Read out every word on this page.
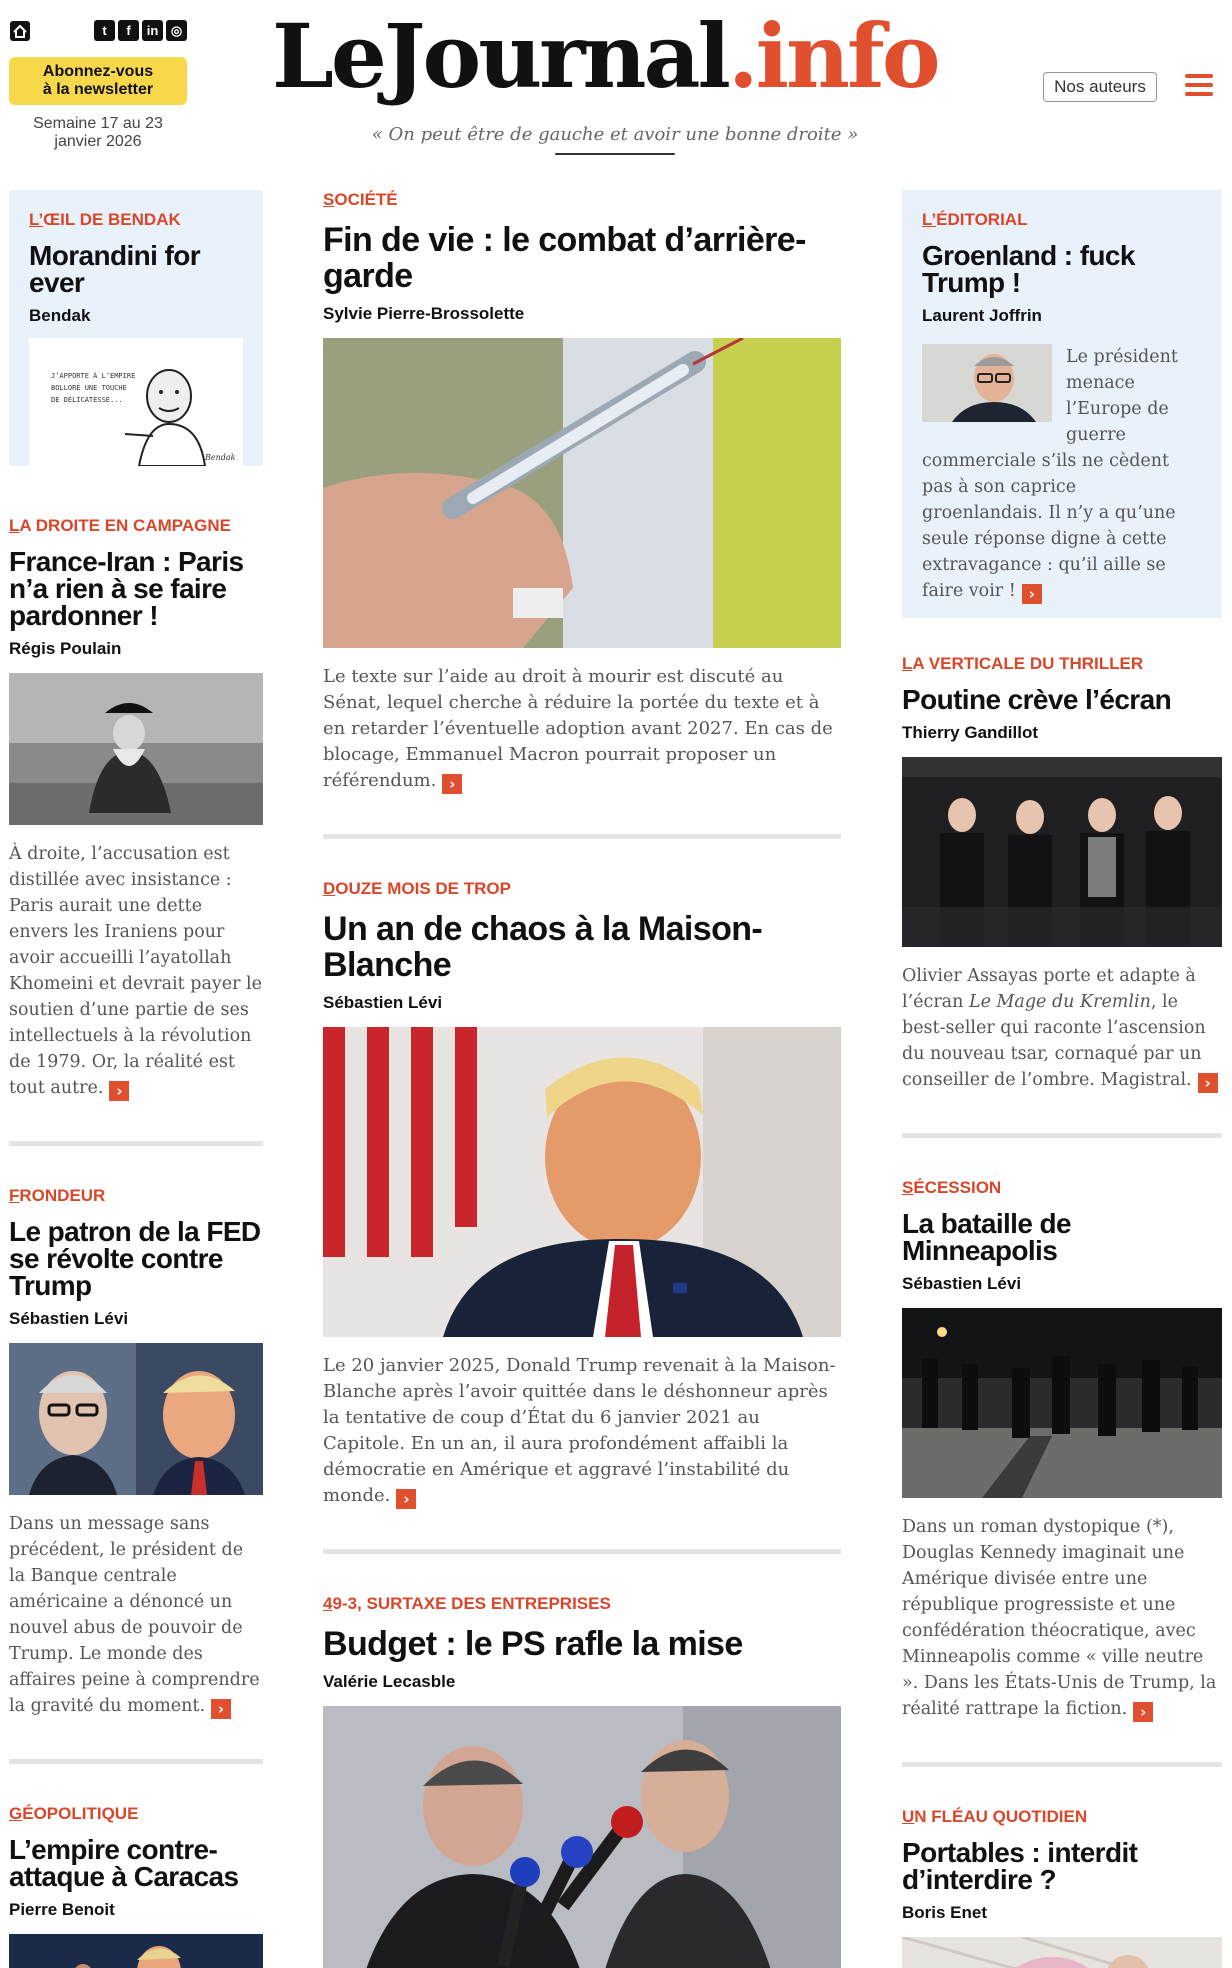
t	f	in ◎
Abonnez-vous
à la newsletter
Semaine 17 au 23
janvier 2026
LeJournal.info
« On peut être de gauche et avoir une bonne droite »
Nos auteurs
L’ŒIL DE BENDAK
Morandini for ever
Bendak
J’APPORTE À L’EMPIRE BOLLORÉ UNE TOUCHE DE DÉLICATESSE...
Bendak
LA DROITE EN CAMPAGNE
France-Iran : Paris n’a rien à se faire pardonner !
Régis Poulain
À droite, l’accusation est distillée avec insistance : Paris aurait une dette envers les Iraniens pour avoir accueilli l’ayatollah Khomeini et devrait payer le soutien d’une partie de ses intellectuels à la révolution de 1979. Or, la réalité est tout autre. ›
FRONDEUR
Le patron de la FED se révolte contre Trump
Sébastien Lévi
Dans un message sans précédent, le président de la Banque centrale américaine a dénoncé un nouvel abus de pouvoir de Trump. Le monde des affaires peine à comprendre la gravité du moment. ›
GÉOPOLITIQUE
L’empire contre-attaque à Caracas
Pierre Benoit
SOCIÉTÉ
Fin de vie : le combat d’arrière-garde
Sylvie Pierre-Brossolette
Le texte sur l’aide au droit à mourir est discuté au Sénat, lequel cherche à réduire la portée du texte et à en retarder l’éventuelle adoption avant 2027. En cas de blocage, Emmanuel Macron pourrait proposer un référendum. ›
DOUZE MOIS DE TROP
Un an de chaos à la Maison-Blanche
Sébastien Lévi
Le 20 janvier 2025, Donald Trump revenait à la Maison-Blanche après l’avoir quittée dans le déshonneur après la tentative de coup d’État du 6 janvier 2021 au Capitole. En un an, il aura profondément affaibli la démocratie en Amérique et aggravé l’instabilité du monde. ›
49-3, SURTAXE DES ENTREPRISES
Budget : le PS rafle la mise
Valérie Lecasble
L’ÉDITORIAL
Groenland : fuck Trump !
Laurent Joffrin
Le président menace l’Europe de guerre commerciale s’ils ne cèdent pas à son caprice groenlandais. Il n’y a qu’une seule réponse digne à cette extravagance : qu’il aille se faire voir ! ›
LA VERTICALE DU THRILLER
Poutine crève l’écran
Thierry Gandillot
Olivier Assayas porte et adapte à l’écran Le Mage du Kremlin, le best-seller qui raconte l’ascension du nouveau tsar, cornaqué par un conseiller de l’ombre. Magistral. ›
SÉCESSION
La bataille de Minneapolis
Sébastien Lévi
Dans un roman dystopique (*), Douglas Kennedy imaginait une Amérique divisée entre une république progressiste et une confédération théocratique, avec Minneapolis comme « ville neutre ». Dans les États-Unis de Trump, la réalité rattrape la fiction. ›
UN FLÉAU QUOTIDIEN
Portables : interdit d’interdire ?
Boris Enet
